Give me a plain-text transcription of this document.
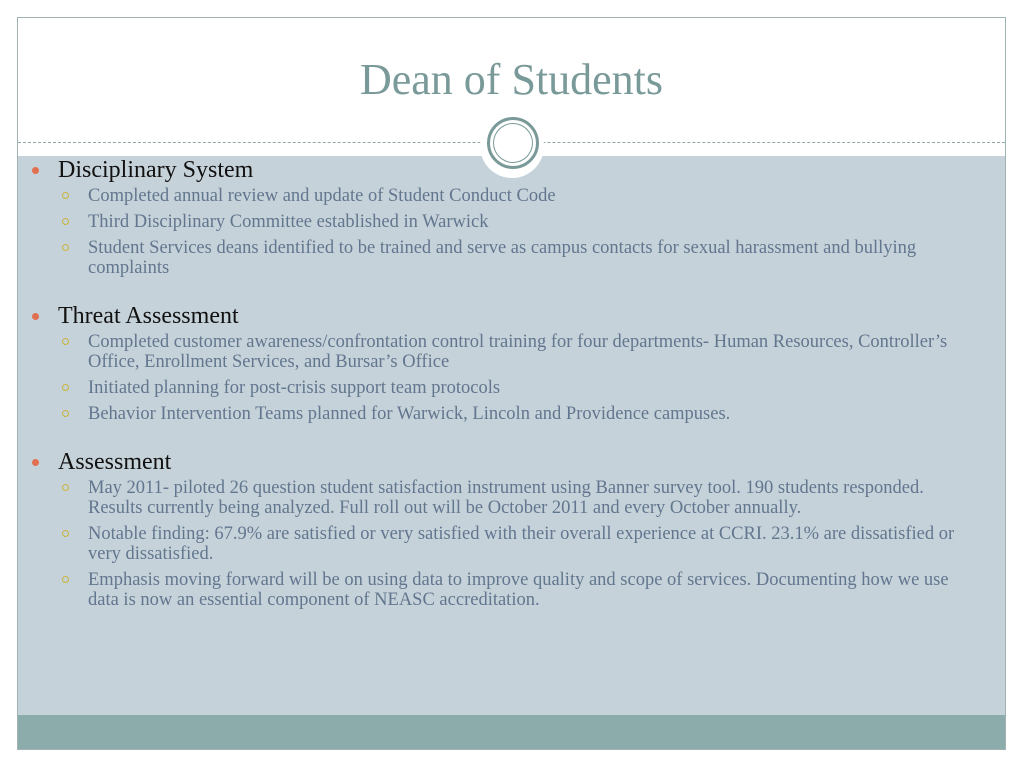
Dean of Students
Disciplinary System
Completed annual review and update of Student Conduct Code
Third Disciplinary Committee established in Warwick
Student Services deans identified to be trained and serve as campus contacts for sexual harassment and bullying complaints
Threat Assessment
Completed customer awareness/confrontation control training for four departments- Human Resources, Controller’s Office, Enrollment Services, and Bursar’s Office
Initiated planning for post-crisis support team protocols
Behavior Intervention Teams planned for Warwick, Lincoln and Providence campuses.
Assessment
May 2011- piloted 26 question student satisfaction instrument using Banner survey tool. 190 students responded. Results currently being analyzed. Full roll out will be October 2011 and every October annually.
Notable finding: 67.9% are satisfied or very satisfied with their overall experience at CCRI. 23.1% are dissatisfied or very dissatisfied.
Emphasis moving forward will be on using data to improve quality and scope of services. Documenting how we use data is now an essential component of NEASC accreditation.
